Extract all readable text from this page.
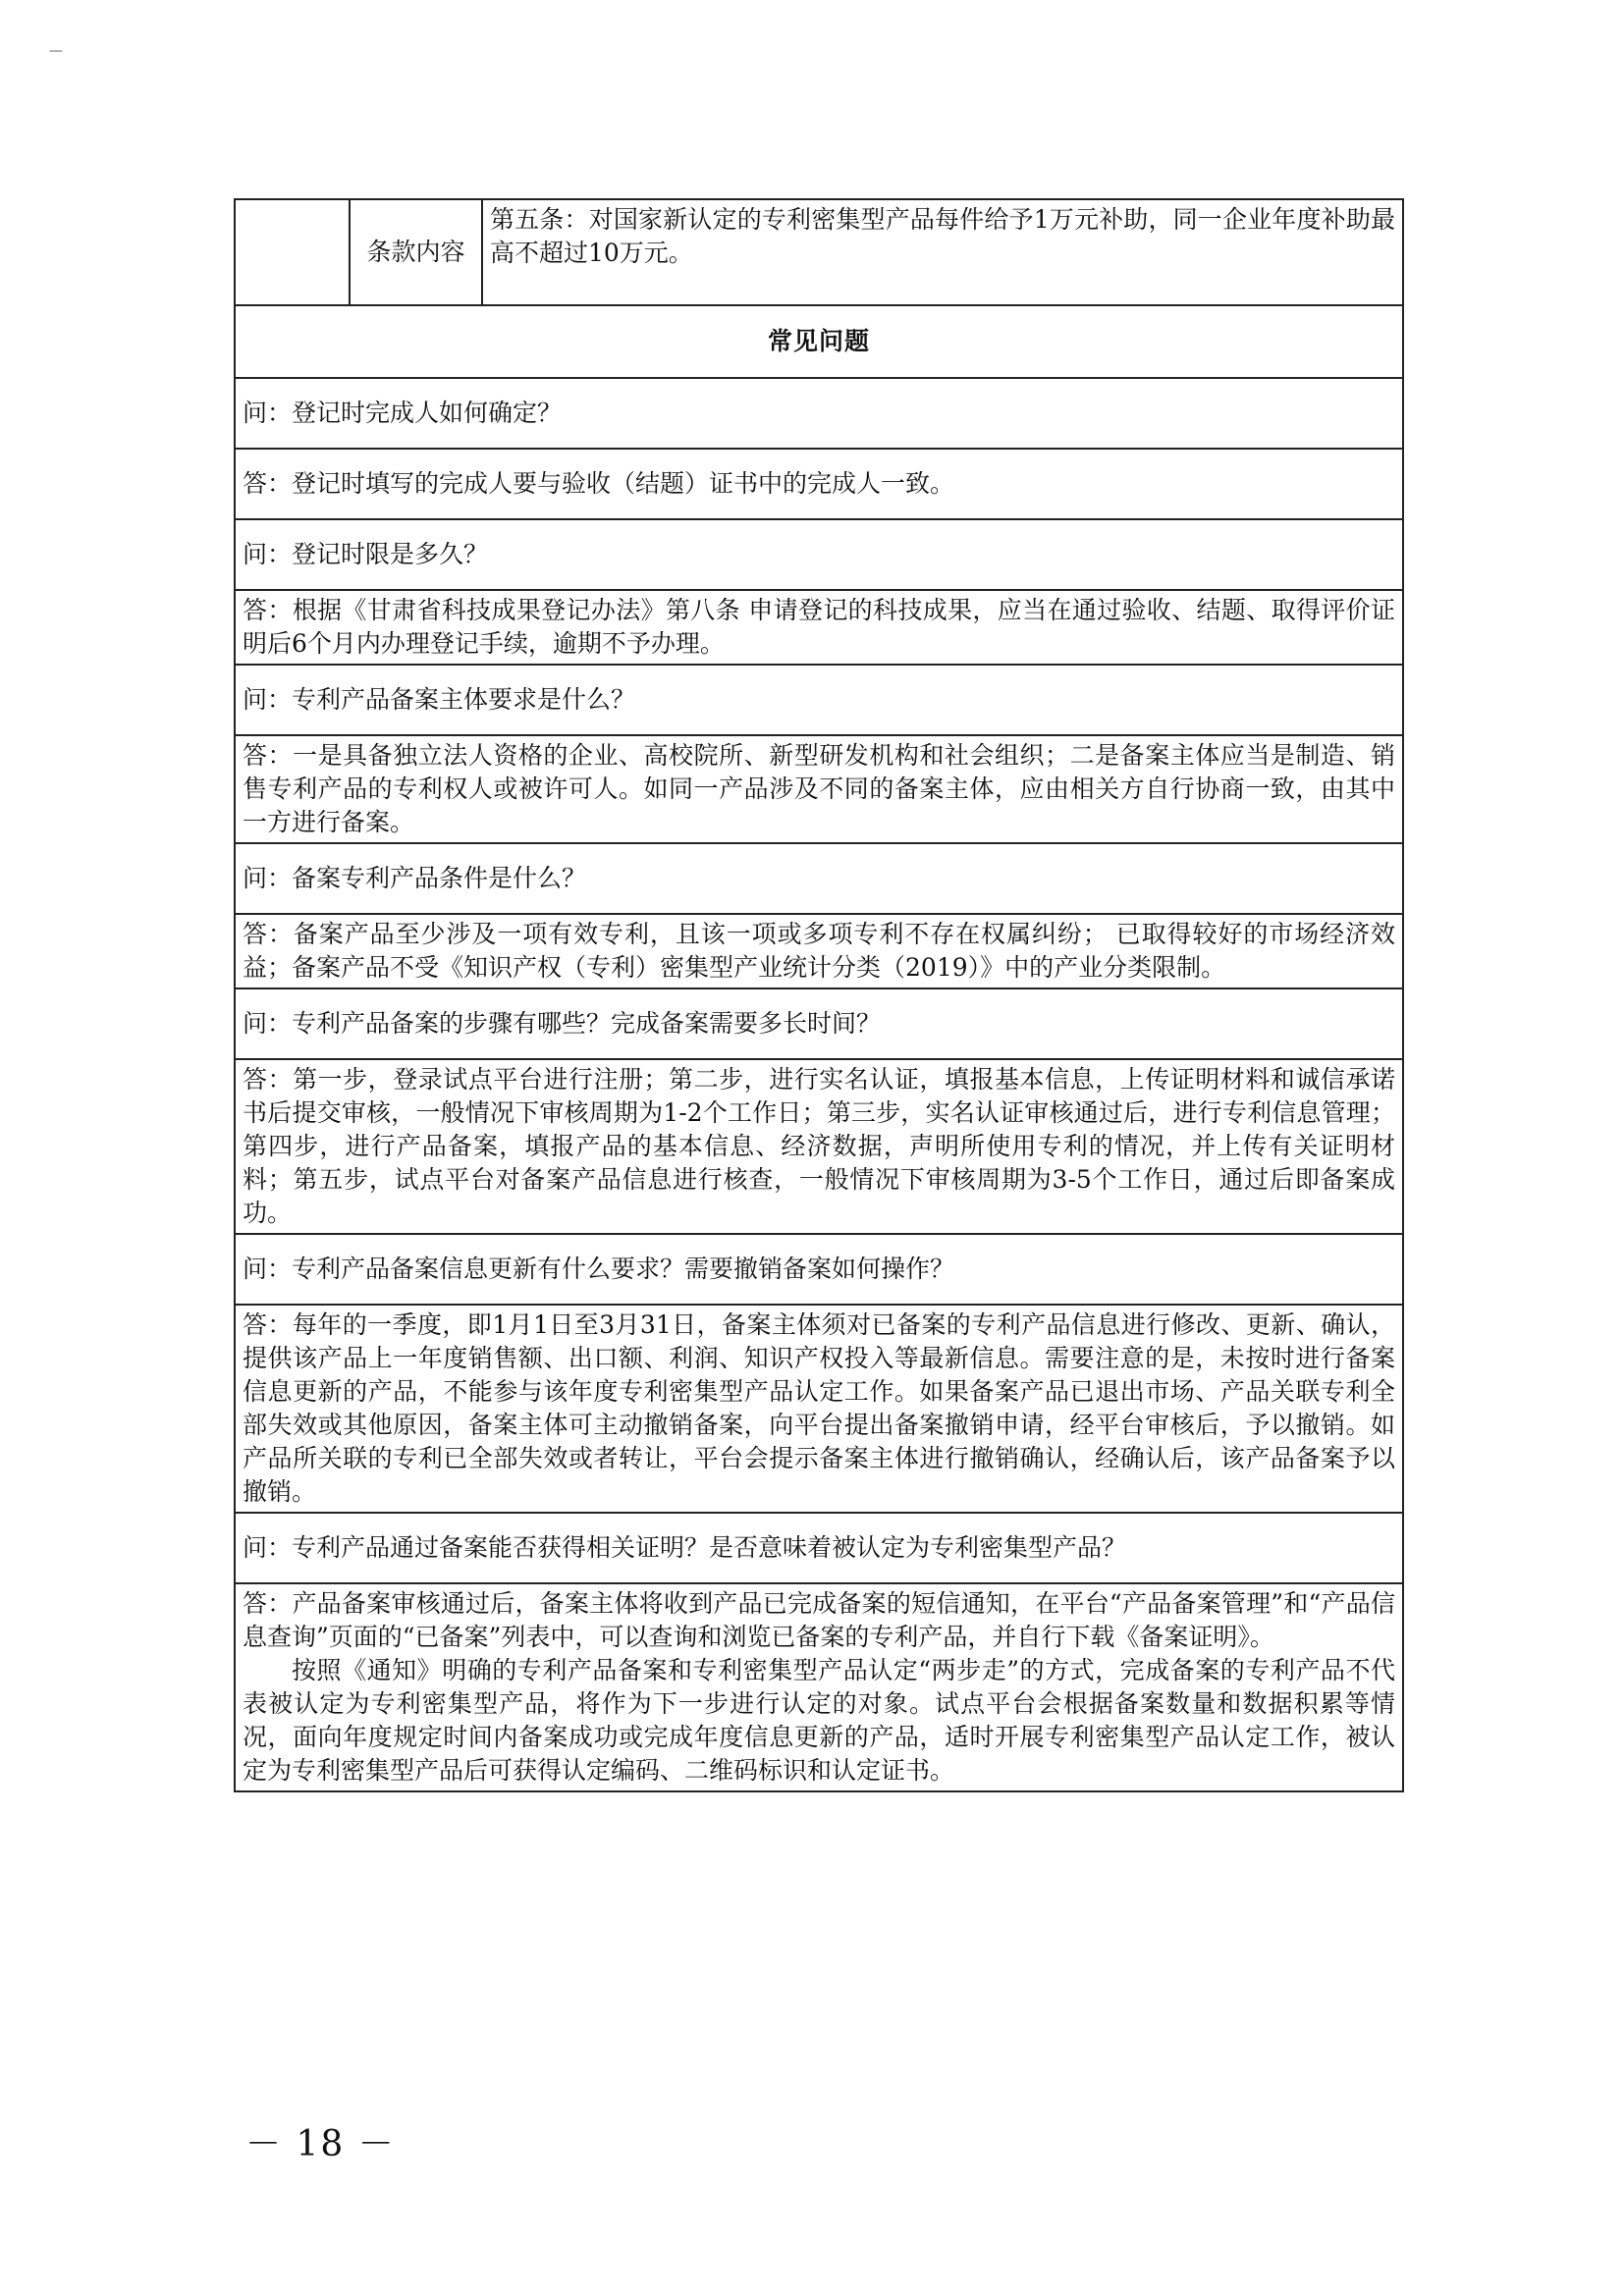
—
	条款内容	第五条：对国家新认定的专利密集型产品每件给予1万元补助，同一企业年度补助最高不超过10万元。
常见问题
问：登记时完成人如何确定？
答：登记时填写的完成人要与验收（结题）证书中的完成人一致。
问：登记时限是多久？
答：根据《甘肃省科技成果登记办法》第八条 申请登记的科技成果，应当在通过验收、结题、取得评价证明后6个月内办理登记手续，逾期不予办理。
问：专利产品备案主体要求是什么？
答：一是具备独立法人资格的企业、高校院所、新型研发机构和社会组织；二是备案主体应当是制造、销售专利产品的专利权人或被许可人。如同一产品涉及不同的备案主体，应由相关方自行协商一致，由其中一方进行备案。
问：备案专利产品条件是什么？
答：备案产品至少涉及一项有效专利，且该一项或多项专利不存在权属纠纷； 已取得较好的市场经济效益；备案产品不受《知识产权（专利）密集型产业统计分类（2019）》中的产业分类限制。
问：专利产品备案的步骤有哪些？完成备案需要多长时间？
答：第一步，登录试点平台进行注册；第二步，进行实名认证，填报基本信息，上传证明材料和诚信承诺书后提交审核，一般情况下审核周期为1-2个工作日；第三步，实名认证审核通过后，进行专利信息管理；第四步，进行产品备案，填报产品的基本信息、经济数据，声明所使用专利的情况，并上传有关证明材料；第五步，试点平台对备案产品信息进行核查，一般情况下审核周期为3-5个工作日，通过后即备案成功。
问：专利产品备案信息更新有什么要求？需要撤销备案如何操作？
答：每年的一季度，即1月1日至3月31日，备案主体须对已备案的专利产品信息进行修改、更新、确认，提供该产品上一年度销售额、出口额、利润、知识产权投入等最新信息。需要注意的是，未按时进行备案信息更新的产品，不能参与该年度专利密集型产品认定工作。如果备案产品已退出市场、产品关联专利全部失效或其他原因，备案主体可主动撤销备案，向平台提出备案撤销申请，经平台审核后，予以撤销。如产品所关联的专利已全部失效或者转让，平台会提示备案主体进行撤销确认，经确认后，该产品备案予以撤销。
问：专利产品通过备案能否获得相关证明？是否意味着被认定为专利密集型产品？

答：产品备案审核通过后，备案主体将收到产品已完成备案的短信通知，在平台“产品备案管理”和“产品信息查询”页面的“已备案”列表中，可以查询和浏览已备案的专利产品，并自行下载《备案证明》。
按照《通知》明确的专利产品备案和专利密集型产品认定“两步走”的方式，完成备案的专利产品不代表被认定为专利密集型产品，将作为下一步进行认定的对象。试点平台会根据备案数量和数据积累等情况，面向年度规定时间内备案成功或完成年度信息更新的产品，适时开展专利密集型产品认定工作，被认定为专利密集型产品后可获得认定编码、二维码标识和认定证书。
－ 18 －
